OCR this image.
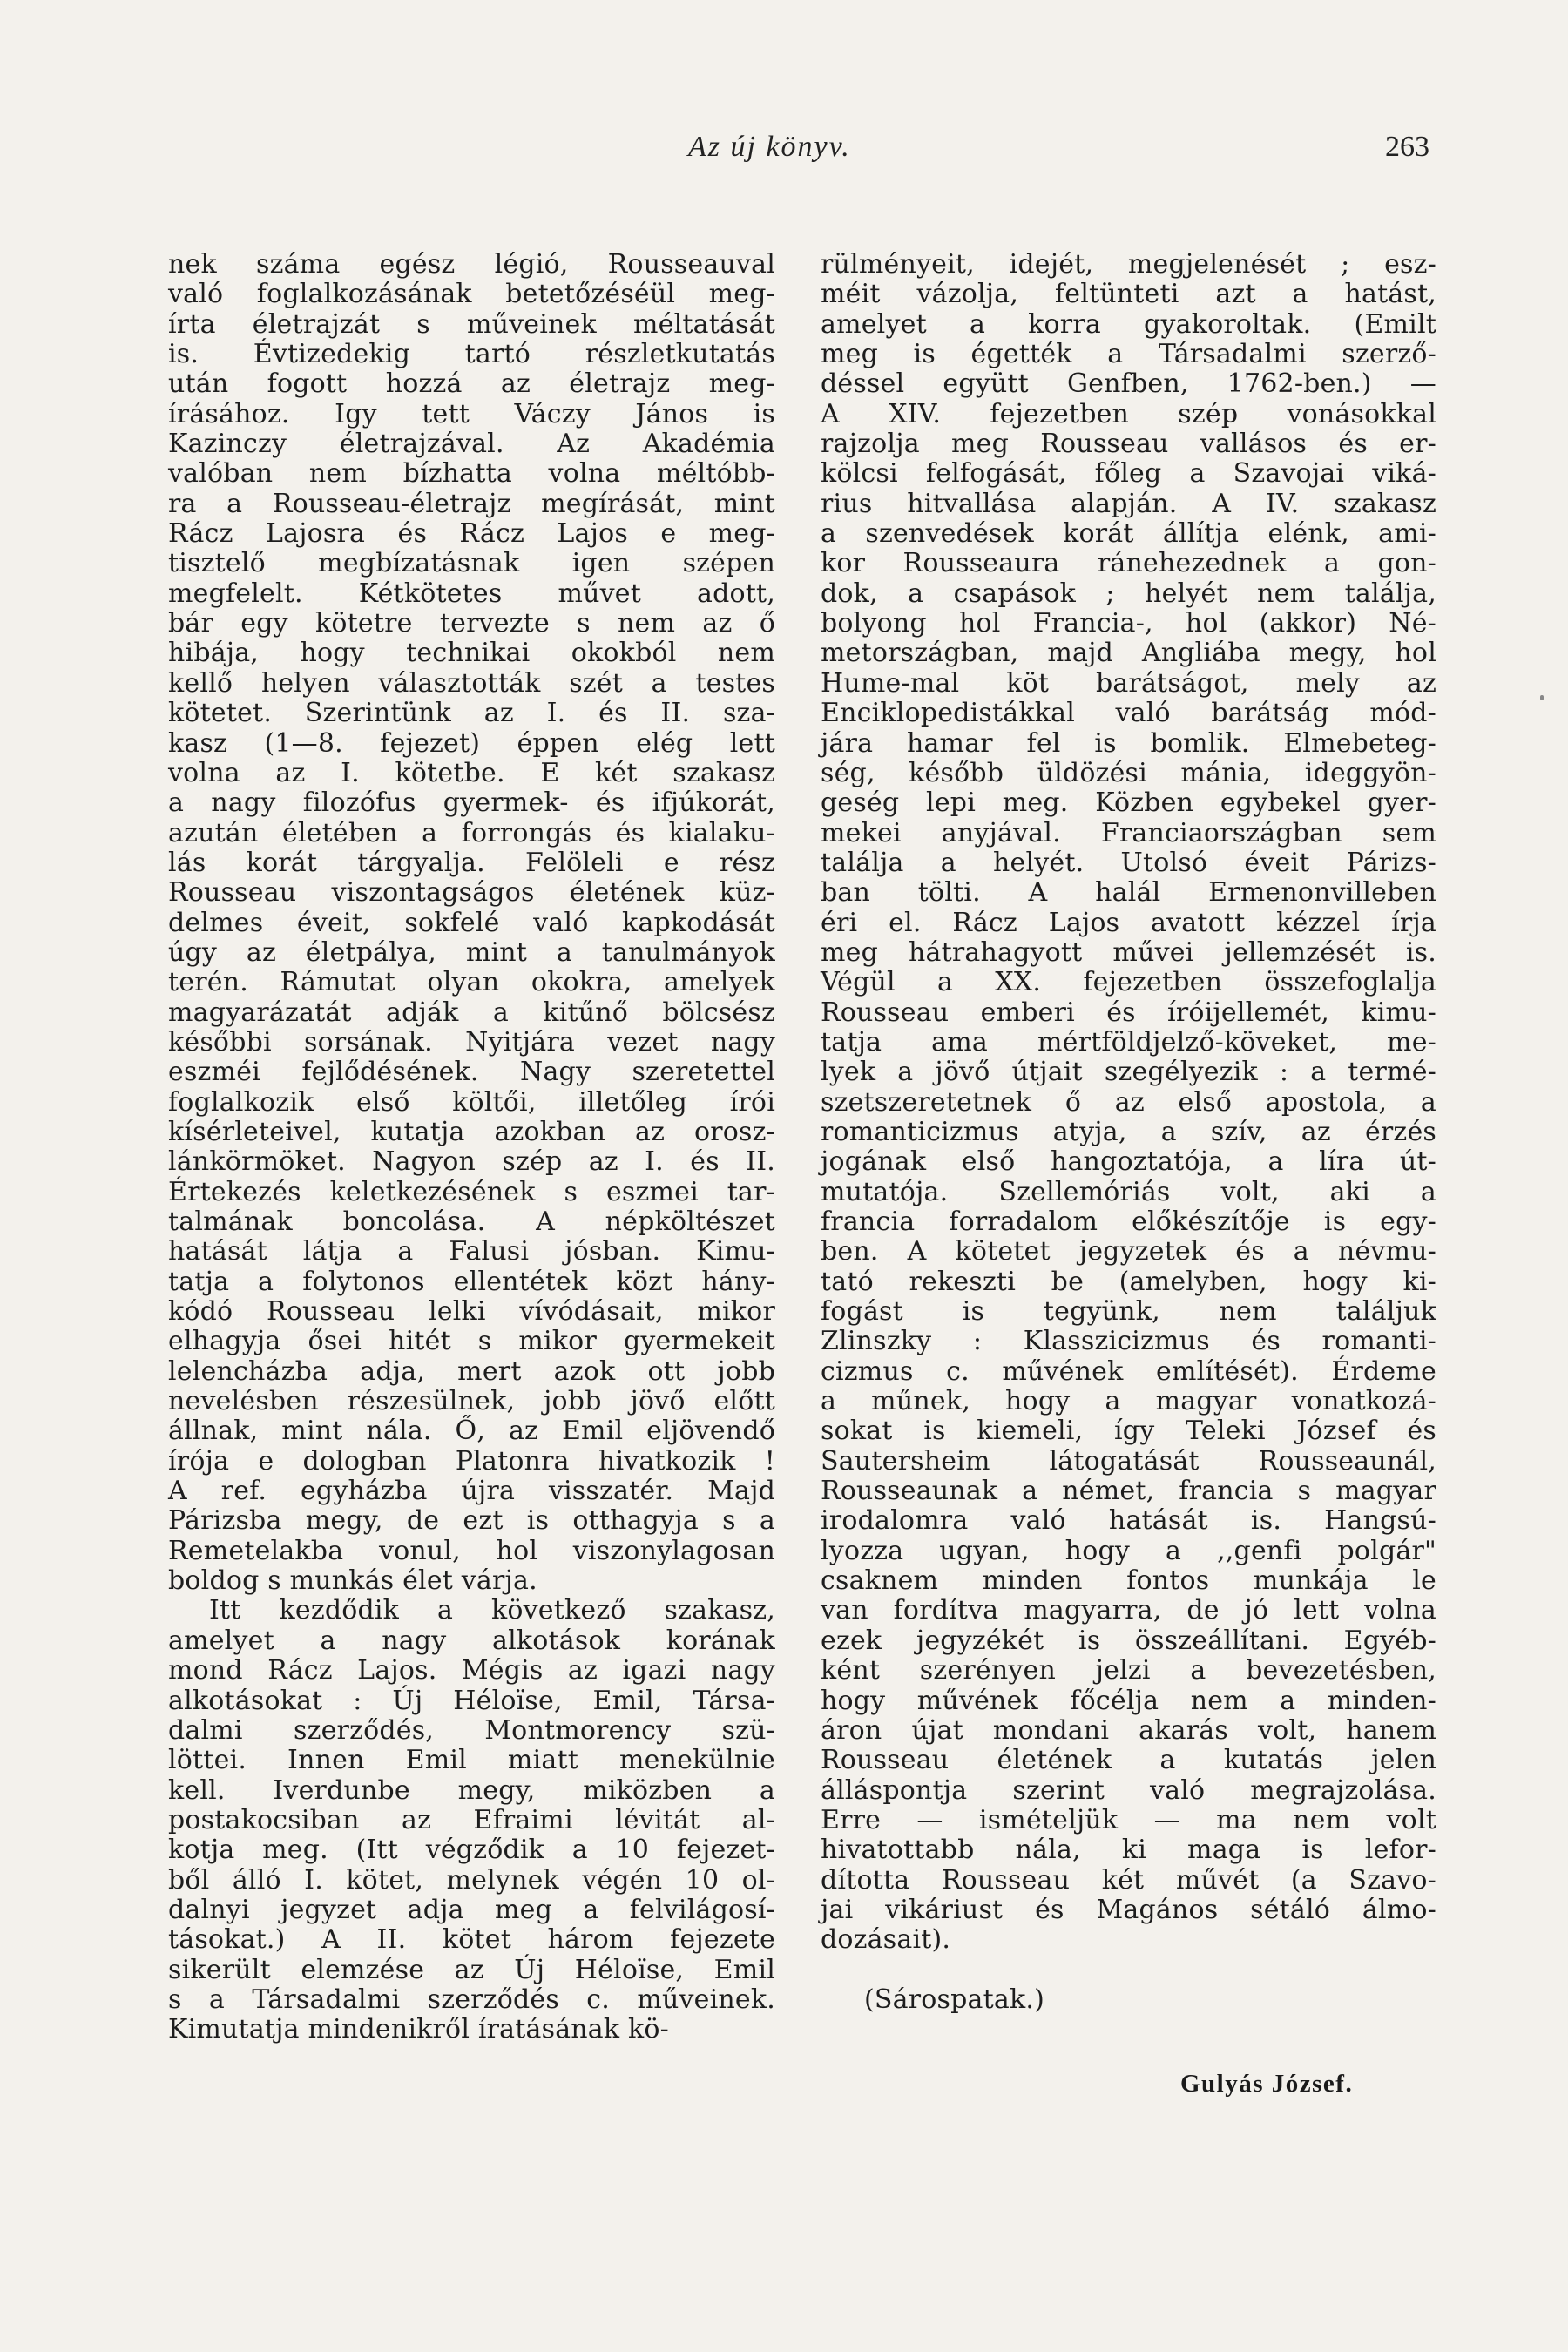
Az új könyv.	263
nek száma egész légió, Rousseauval
való foglalkozásának betetőzéséül meg-
írta életrajzát s műveinek méltatását
is. Évtizedekig tartó részletkutatás
után fogott hozzá az életrajz meg-
írásához. Igy tett Váczy János is
Kazinczy életrajzával. Az Akadémia
valóban nem bízhatta volna méltóbb-
ra a Rousseau-életrajz megírását, mint
Rácz Lajosra és Rácz Lajos e meg-
tisztelő megbízatásnak igen szépen
megfelelt. Kétkötetes művet adott,
bár egy kötetre tervezte s nem az ő
hibája, hogy technikai okokból nem
kellő helyen választották szét a testes
kötetet. Szerintünk az I. és II. sza-
kasz (1—8. fejezet) éppen elég lett
volna az I. kötetbe. E két szakasz
a nagy filozófus gyermek- és ifjúkorát,
azután életében a forrongás és kialaku-
lás korát tárgyalja. Felöleli e rész
Rousseau viszontagságos életének küz-
delmes éveit, sokfelé való kapkodását
úgy az életpálya, mint a tanulmányok
terén. Rámutat olyan okokra, amelyek
magyarázatát adják a kitűnő bölcsész
későbbi sorsának. Nyitjára vezet nagy
eszméi fejlődésének. Nagy szeretettel
foglalkozik első költői, illetőleg írói
kísérleteivel, kutatja azokban az orosz-
lánkörmöket. Nagyon szép az I. és II.
Értekezés keletkezésének s eszmei tar-
talmának boncolása. A népköltészet
hatását látja a Falusi jósban. Kimu-
tatja a folytonos ellentétek közt hány-
kódó Rousseau lelki vívódásait, mikor
elhagyja ősei hitét s mikor gyermekeit
lelencházba adja, mert azok ott jobb
nevelésben részesülnek, jobb jövő előtt
állnak, mint nála. Ő, az Emil eljövendő
írója e dologban Platonra hivatkozik !
A ref. egyházba újra visszatér. Majd
Párizsba megy, de ezt is otthagyja s a
Remetelakba vonul, hol viszonylagosan
boldog s munkás élet várja.
Itt kezdődik a következő szakasz,
amelyet a nagy alkotások korának
mond Rácz Lajos. Mégis az igazi nagy
alkotásokat : Új Héloïse, Emil, Társa-
dalmi szerződés, Montmorency szü-
löttei. Innen Emil miatt menekülnie
kell. Iverdunbe megy, miközben a
postakocsiban az Efraimi lévitát al-
kotja meg. (Itt végződik a 10 fejezet-
ből álló I. kötet, melynek végén 10 ol-
dalnyi jegyzet adja meg a felvilágosí-
tásokat.) A II. kötet három fejezete
sikerült elemzése az Új Héloïse, Emil
s a Társadalmi szerződés c. műveinek.
Kimutatja mindenikről íratásának kö-
rülményeit, idejét, megjelenését ; esz-
méit vázolja, feltünteti azt a hatást,
amelyet a korra gyakoroltak. (Emilt
meg is égették a Társadalmi szerző-
déssel együtt Genfben, 1762-ben.) —
A XIV. fejezetben szép vonásokkal
rajzolja meg Rousseau vallásos és er-
kölcsi felfogását, főleg a Szavojai viká-
rius hitvallása alapján. A IV. szakasz
a szenvedések korát állítja elénk, ami-
kor Rousseaura ránehezednek a gon-
dok, a csapások ; helyét nem találja,
bolyong hol Francia-, hol (akkor) Né-
metországban, majd Angliába megy, hol
Hume-mal köt barátságot, mely az
Enciklopedistákkal való barátság mód-
jára hamar fel is bomlik. Elmebeteg-
ség, később üldözési mánia, ideggyön-
geség lepi meg. Közben egybekel gyer-
mekei anyjával. Franciaországban sem
találja a helyét. Utolsó éveit Párizs-
ban tölti. A halál Ermenonvilleben
éri el. Rácz Lajos avatott kézzel írja
meg hátrahagyott művei jellemzését is.
Végül a XX. fejezetben összefoglalja
Rousseau emberi és íróijellemét, kimu-
tatja ama mértföldjelző-köveket, me-
lyek a jövő útjait szegélyezik : a termé-
szetszeretetnek ő az első apostola, a
romanticizmus atyja, a szív, az érzés
jogának első hangoztatója, a líra út-
mutatója. Szellemóriás volt, aki a
francia forradalom előkészítője is egy-
ben. A kötetet jegyzetek és a névmu-
tató rekeszti be (amelyben, hogy ki-
fogást is tegyünk, nem találjuk
Zlinszky : Klasszicizmus és romanti-
cizmus c. művének említését). Érdeme
a műnek, hogy a magyar vonatkozá-
sokat is kiemeli, így Teleki József és
Sautersheim látogatását Rousseaunál,
Rousseaunak a német, francia s magyar
irodalomra való hatását is. Hangsú-
lyozza ugyan, hogy a ,,genfi polgár"
csaknem minden fontos munkája le
van fordítva magyarra, de jó lett volna
ezek jegyzékét is összeállítani. Egyéb-
ként szerényen jelzi a bevezetésben,
hogy művének főcélja nem a minden-
áron újat mondani akarás volt, hanem
Rousseau életének a kutatás jelen
álláspontja szerint való megrajzolása.
Erre — ismételjük — ma nem volt
hivatottabb nála, ki maga is lefor-
dította Rousseau két művét (a Szavo-
jai vikáriust és Magános sétáló álmo-
dozásait).
(Sárospatak.)
Gulyás József.
